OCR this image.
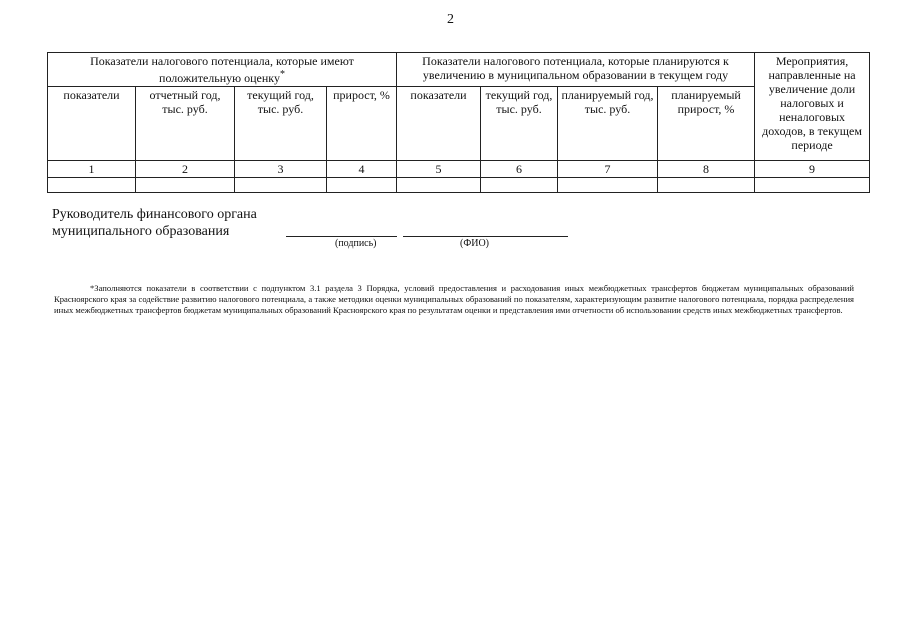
2
Показатели налогового потенциала, которые имеют положительную оценку*				Показатели налогового потенциала, которые планируются к увеличению в муниципальном образовании в текущем году				Мероприятия, направленные на увеличение доли налоговых и неналоговых доходов, в текущем периоде
показатели	отчетный год, тыс. руб.	текущий год, тыс. руб.	прирост, %	показатели	текущий год, тыс. руб.	планируемый год, тыс. руб.	планируемый прирост, %	
1	2	3	4	5	6	7	8	9

Руководитель финансового органа
муниципального образования
(подпись)	(ФИО)
*Заполняются показатели в соответствии с подпунктом 3.1 раздела 3 Порядка, условий предоставления и расходования иных межбюджетных трансфертов бюджетам муниципальных образований Красноярского края за содействие развитию налогового потенциала, а также методики оценки муниципальных образований по показателям, характеризующим развитие налогового потенциала, порядка распределения иных межбюджетных трансфертов бюджетам муниципальных образований Красноярского края по результатам оценки и представления ими отчетности об использовании средств иных межбюджетных трансфертов.
